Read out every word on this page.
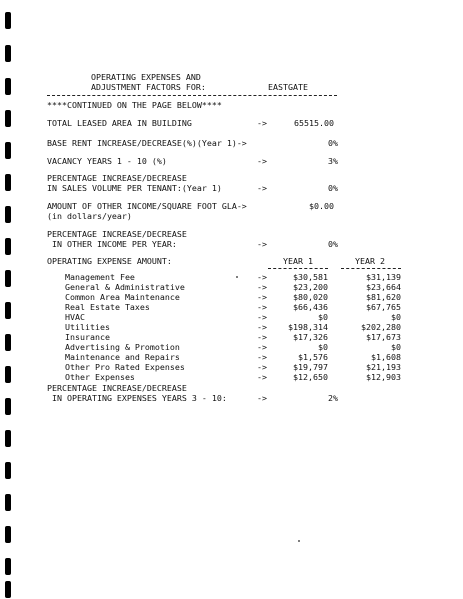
OPERATING EXPENSES AND
ADJUSTMENT FACTORS FOR:	EASTGATE
****CONTINUED ON THE PAGE BELOW****
TOTAL LEASED AREA IN BUILDING	->	65515.00
BASE RENT INCREASE/DECREASE(%)(Year 1)->	0%
VACANCY YEARS 1 - 10 (%)	->	3%
PERCENTAGE INCREASE/DECREASE
IN SALES VOLUME PER TENANT:(Year 1)	->	0%
AMOUNT OF OTHER INCOME/SQUARE FOOT GLA->
(in dollars/year)
$0.00
PERCENTAGE INCREASE/DECREASE
IN OTHER INCOME PER YEAR:	->	0%
OPERATING EXPENSE AMOUNT:	YEAR 1	YEAR 2
Management Fee	->	$30,581	$31,139
General & Administrative	->	$23,200	$23,664
Common Area Maintenance	->	$80,020	$81,620
Real Estate Taxes	->	$66,436	$67,765
HVAC	->	$0	$0
Utilities	->	$198,314	$202,280
Insurance	->	$17,326	$17,673
Advertising & Promotion	->	$0	$0
Maintenance and Repairs	->	$1,576	$1,608
Other Pro Rated Expenses	->	$19,797	$21,193
Other Expenses	->	$12,650	$12,903
PERCENTAGE INCREASE/DECREASE
IN OPERATING EXPENSES YEARS 3 - 10:	->	2%
